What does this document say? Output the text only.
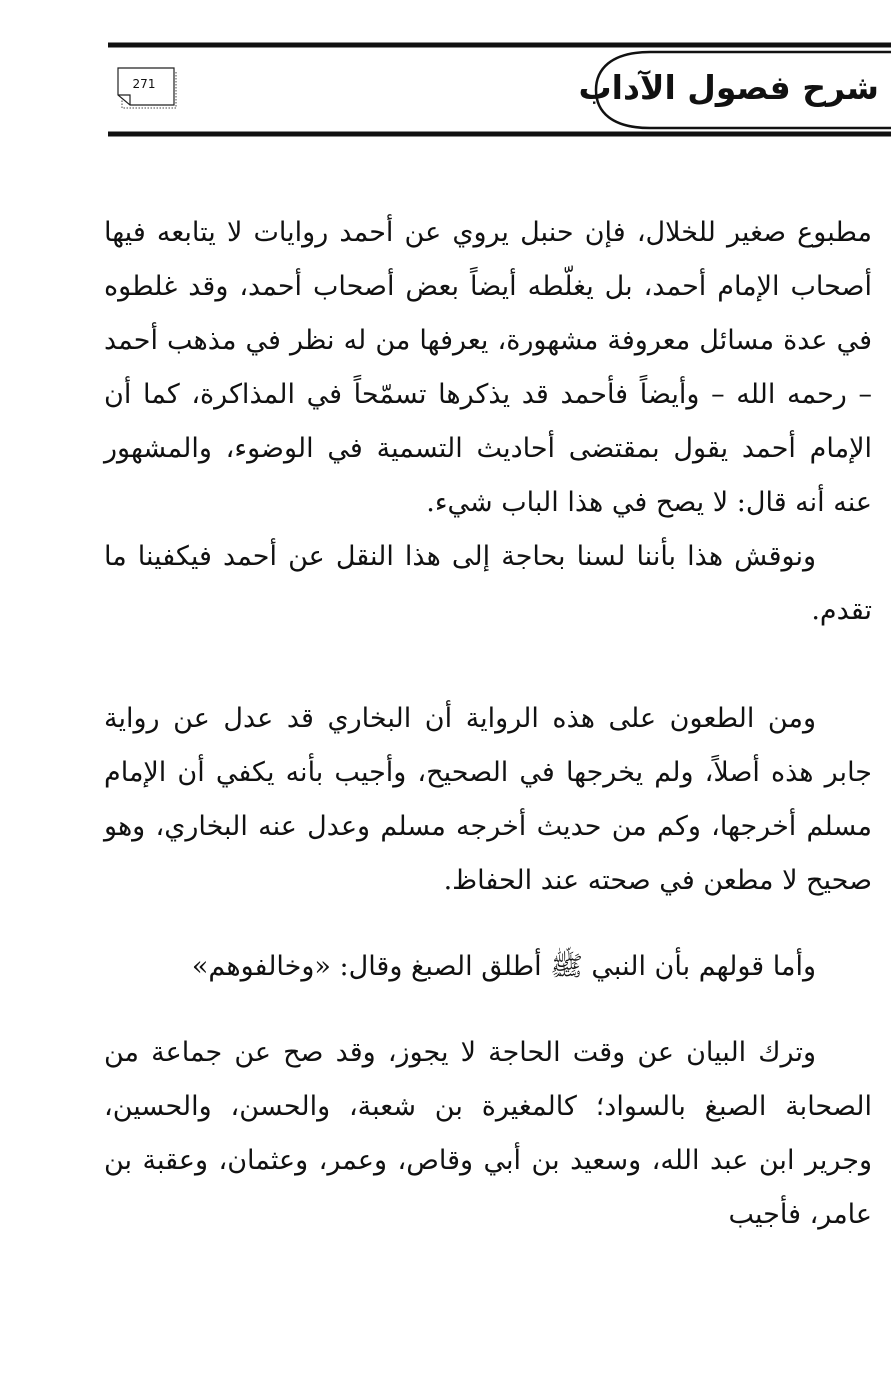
شرح فصول الآداب
271

مطبوع صغير للخلال، فإن حنبل يروي عن أحمد روايات لا يتابعه فيها أصحاب الإمام أحمد، بل يغلّطه أيضاً بعض أصحاب أحمد، وقد غلطوه في عدة مسائل معروفة مشهورة، يعرفها من له نظر في مذهب أحمد – رحمه الله – وأيضاً فأحمد قد يذكرها تسمّحاً في المذاكرة، كما أن الإمام أحمد يقول بمقتضى أحاديث التسمية في الوضوء، والمشهور عنه أنه قال: لا يصح في هذا الباب شيء.

ونوقش هذا بأننا لسنا بحاجة إلى هذا النقل عن أحمد فيكفينا ما تقدم.

ومن الطعون على هذه الرواية أن البخاري قد عدل عن رواية جابر هذه أصلاً، ولم يخرجها في الصحيح، وأجيب بأنه يكفي أن الإمام مسلم أخرجها، وكم من حديث أخرجه مسلم وعدل عنه البخاري، وهو صحيح لا مطعن في صحته عند الحفاظ.

وأما قولهم بأن النبي ﷺ أطلق الصبغ وقال: «وخالفوهم»

وترك البيان عن وقت الحاجة لا يجوز، وقد صح عن جماعة من الصحابة الصبغ بالسواد؛ كالمغيرة بن شعبة، والحسن، والحسين، وجرير ابن عبد الله، وسعيد بن أبي وقاص، وعمر، وعثمان، وعقبة بن عامر، فأجيب
